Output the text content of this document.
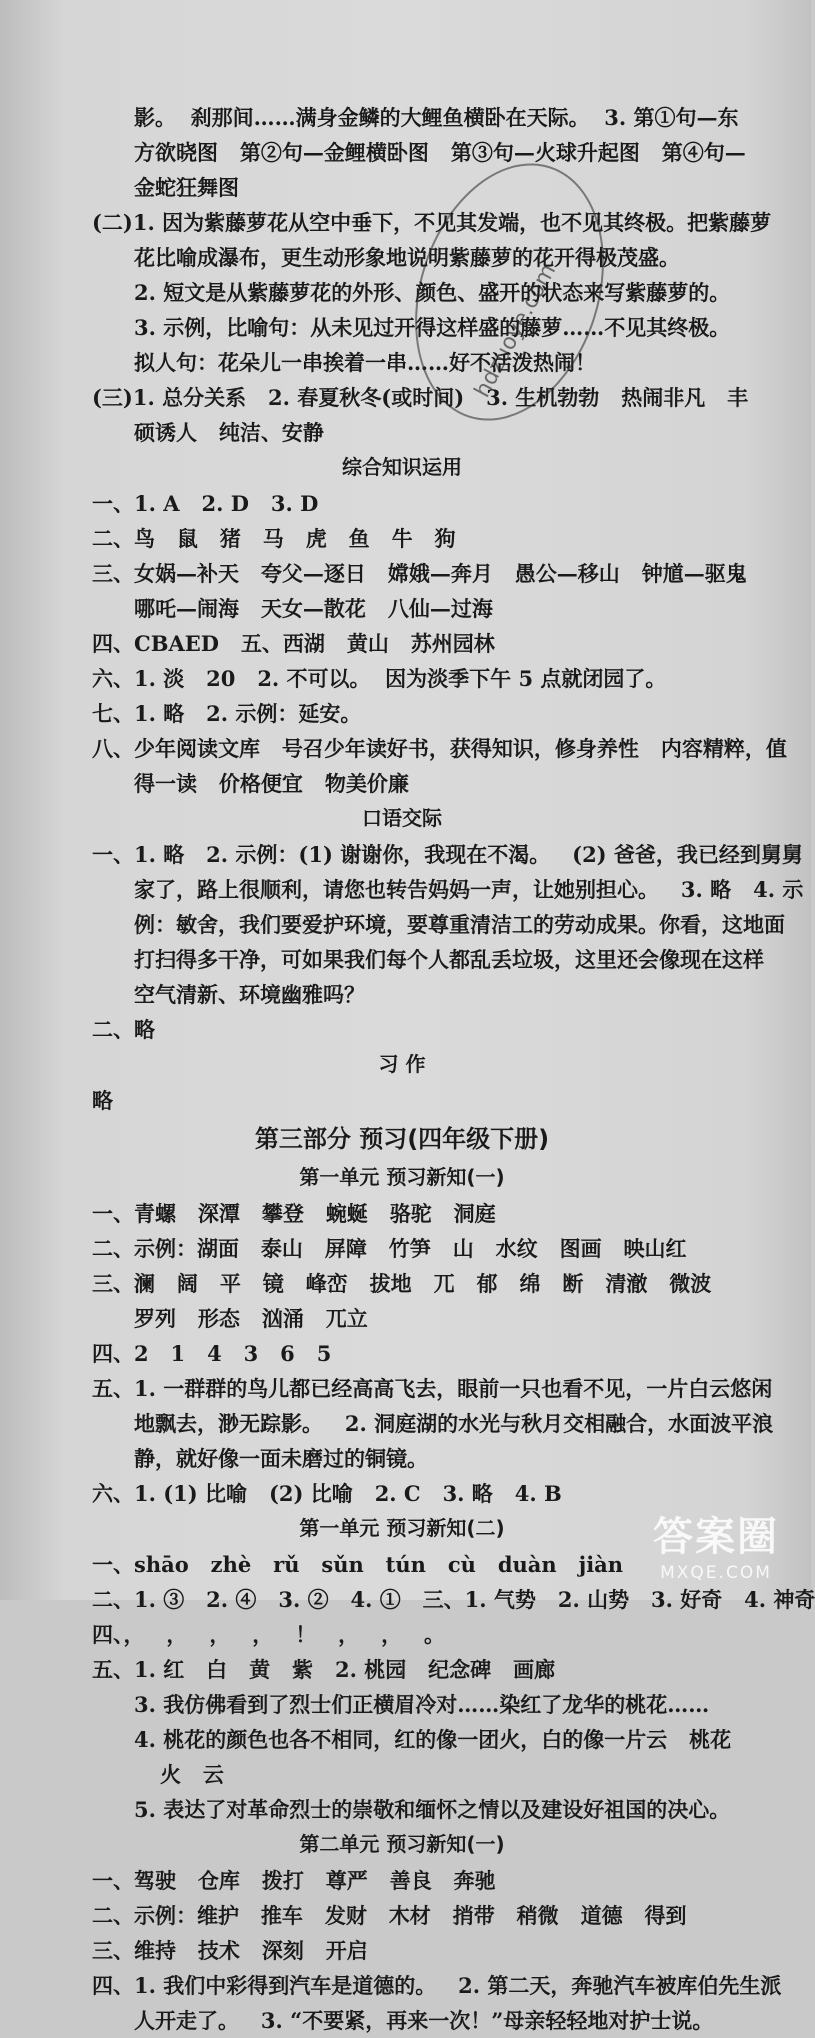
影。  刹那间……满身金鳞的大鲤鱼横卧在天际。  3. 第①句—东
方欲晓图   第②句—金鲤横卧图   第③句—火球升起图   第④句—
金蛇狂舞图
(二)1. 因为紫藤萝花从空中垂下，不见其发端，也不见其终极。把紫藤萝
花比喻成瀑布，更生动形象地说明紫藤萝的花开得极茂盛。
2. 短文是从紫藤萝花的外形、颜色、盛开的状态来写紫藤萝的。
3. 示例，比喻句：从未见过开得这样盛的藤萝……不见其终极。
拟人句：花朵儿一串挨着一串……好不活泼热闹！
(三)1. 总分关系   2. 春夏秋冬(或时间)   3. 生机勃勃   热闹非凡   丰
硕诱人   纯洁、安静
综合知识运用
一、1. A   2. D   3. D
二、鸟   鼠   猪   马   虎   鱼   牛   狗
三、女娲—补天   夸父—逐日   嫦娥—奔月   愚公—移山   钟馗—驱鬼
哪吒—闹海   天女—散花   八仙—过海
四、CBAED   五、西湖   黄山   苏州园林
六、1. 淡   20   2. 不可以。  因为淡季下午 5 点就闭园了。
七、1. 略   2. 示例：延安。
八、少年阅读文库   号召少年读好书，获得知识，修身养性   内容精粹，值
得一读   价格便宜   物美价廉
口语交际
一、1. 略   2. 示例：(1) 谢谢你，我现在不渴。   (2) 爸爸，我已经到舅舅
家了，路上很顺利，请您也转告妈妈一声，让她别担心。   3. 略   4. 示
例：敏舍，我们要爱护环境，要尊重清洁工的劳动成果。你看，这地面
打扫得多干净，可如果我们每个人都乱丢垃圾，这里还会像现在这样
空气清新、环境幽雅吗？
二、略
习 作
略
第三部分 预习(四年级下册)
第一单元 预习新知(一)
一、青螺   深潭   攀登   蜿蜒   骆驼   洞庭
二、示例：湖面   泰山   屏障   竹笋   山   水纹   图画   映山红
三、澜   阔   平   镜   峰峦   拔地   兀   郁   绵   断   清澈   微波
罗列   形态   汹涌   兀立
四、2   1   4   3   6   5
五、1. 一群群的鸟儿都已经高高飞去，眼前一只也看不见，一片白云悠闲
地飘去，渺无踪影。   2. 洞庭湖的水光与秋月交相融合，水面波平浪
静，就好像一面未磨过的铜镜。
六、1. (1) 比喻   (2) 比喻   2. C   3. 略   4. B
第一单元 预习新知(二)
一、shāo   zhè   rǔ   sǔn   tún   cù   duàn   jiàn
二、1. ③   2. ④   3. ②   4. ①   三、1. 气势   2. 山势   3. 好奇   4. 神奇
四、，   ，   ，   ，   ！   ，   ，   。
五、1. 红   白   黄   紫   2. 桃园   纪念碑   画廊
3. 我仿佛看到了烈士们正横眉冷对……染红了龙华的桃花……
4. 桃花的颜色也各不相同，红的像一团火，白的像一片云   桃花
火   云
5. 表达了对革命烈士的崇敬和缅怀之情以及建设好祖国的决心。
第二单元 预习新知(一)
一、驾驶   仓库   拨打   尊严   善良   奔驰
二、示例：维护   推车   发财   木材   捎带   稍微   道德   得到
三、维持   技术   深刻   开启
四、1. 我们中彩得到汽车是道德的。   2. 第二天，奔驰汽车被库伯先生派
人开走了。   3. “不要紧，再来一次！”母亲轻轻地对护士说。
hdzuoye.com
答案圈
MXQE.COM
